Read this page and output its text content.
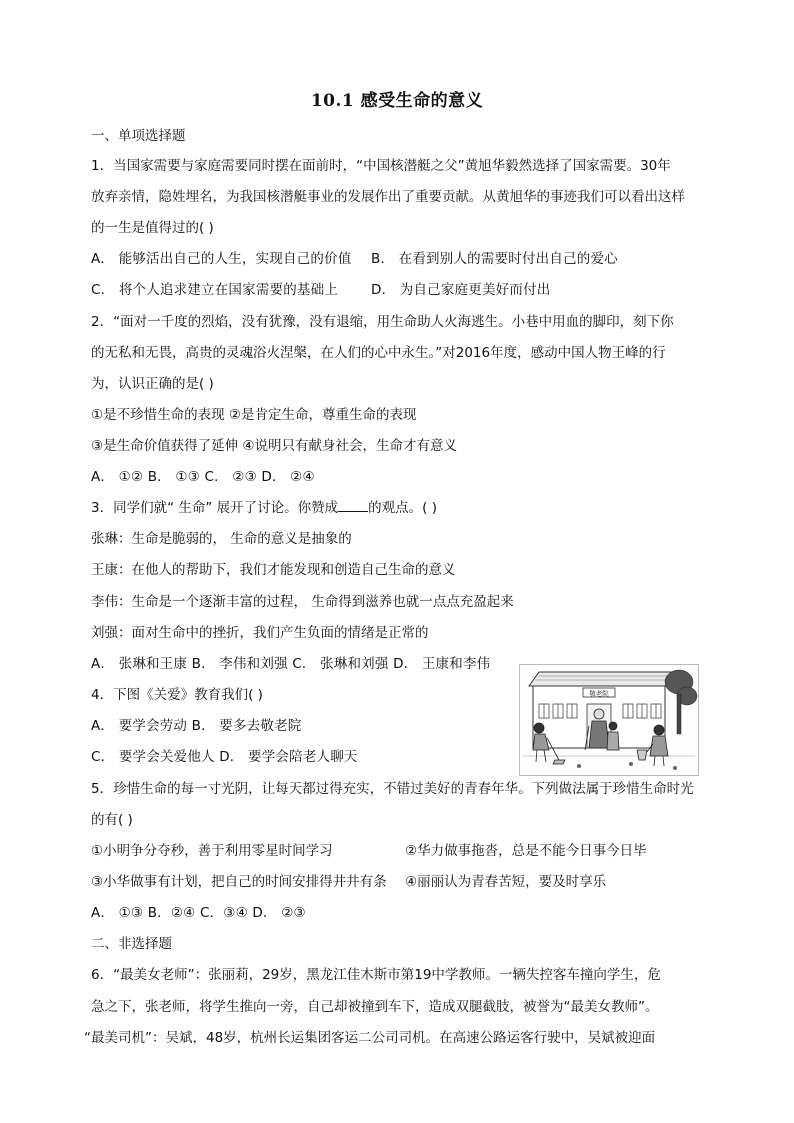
10.1 感受生命的意义
一、单项选择题
1．当国家需要与家庭需要同时摆在面前时，“中国核潜艇之父”黄旭华毅然选择了国家需要。30年
放弃亲情，隐姓埋名，为我国核潜艇事业的发展作出了重要贡献。从黄旭华的事迹我们可以看出这样
的一生是值得过的( )
A． 能够活出自己的人生，实现自己的价值 B． 在看到别人的需要时付出自己的爱心
C． 将个人追求建立在国家需要的基础上 D． 为自己家庭更美好而付出
2．“面对一千度的烈焰，没有犹豫，没有退缩，用生命助人火海逃生。小巷中用血的脚印，刻下你
的无私和无畏，高贵的灵魂浴火涅槃，在人们的心中永生。”对2016年度，感动中国人物王峰的行
为，认识正确的是( )
①是不珍惜生命的表现 ②是肯定生命，尊重生命的表现
③是生命价值获得了延伸 ④说明只有献身社会，生命才有意义
A． ①② B． ①③ C． ②③ D． ②④
3．同学们就“ 生命” 展开了讨论。你赞成 的观点。( )
张琳：生命是脆弱的， 生命的意义是抽象的
王康：在他人的帮助下，我们才能发现和创造自己生命的意义
李伟：生命是一个逐渐丰富的过程， 生命得到滋养也就一点点充盈起来
刘强：面对生命中的挫折，我们产生负面的情绪是正常的
A． 张琳和王康 B． 李伟和刘强 C． 张琳和刘强 D． 王康和李伟
4．下图《关爱》教育我们( )
A． 要学会劳动 B． 要多去敬老院
C． 要学会关爱他人 D． 要学会陪老人聊天
敬老院
5．珍惜生命的每一寸光阴，让每天都过得充实，不错过美好的青春年华。下列做法属于珍惜生命时光
的有( )
①小明争分夺秒，善于利用零星时间学习	②华力做事拖沓，总是不能今日事今日毕
③小华做事有计划，把自己的时间安排得井井有条 ④丽丽认为青春苦短，要及时享乐
A． ①③ B．②④ C．③④ D． ②③
二、非选择题
6．“最美女老师”：张丽莉，29岁，黑龙江佳木斯市第19中学教师。一辆失控客车撞向学生，危
急之下，张老师，将学生推向一旁，自己却被撞到车下，造成双腿截肢，被誉为“最美女教师”。
“最美司机”：吴斌，48岁，杭州长运集团客运二公司司机。在高速公路运客行驶中，吴斌被迎面
